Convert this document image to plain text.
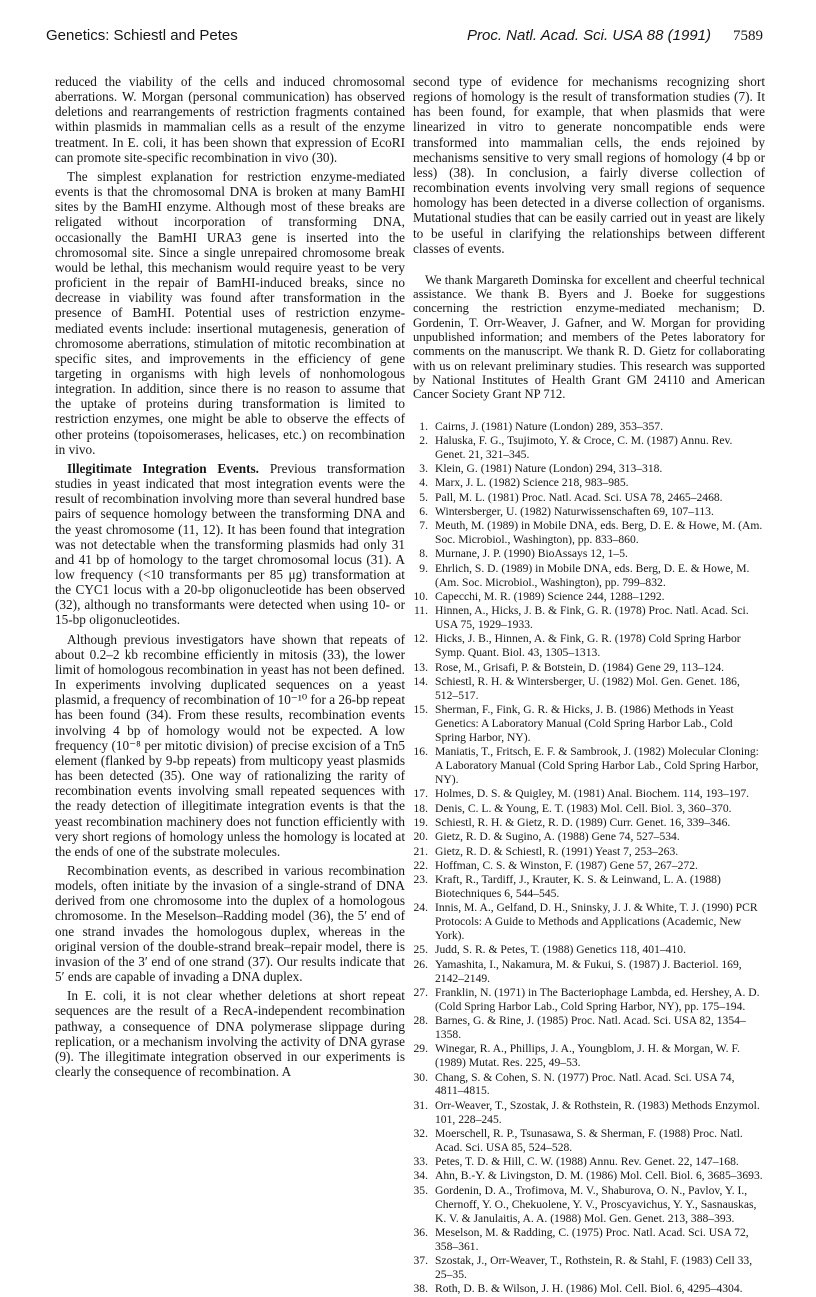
Genetics: Schiestl and Petes	Proc. Natl. Acad. Sci. USA 88 (1991) 7589

reduced the viability of the cells and induced chromosomal aberrations. W. Morgan (personal communication) has observed deletions and rearrangements of restriction fragments contained within plasmids in mammalian cells as a result of the enzyme treatment. In E. coli, it has been shown that expression of EcoRI can promote site-specific recombination in vivo (30).

The simplest explanation for restriction enzyme-mediated events is that the chromosomal DNA is broken at many BamHI sites by the BamHI enzyme. Although most of these breaks are religated without incorporation of transforming DNA, occasionally the BamHI URA3 gene is inserted into the chromosomal site. Since a single unrepaired chromosome break would be lethal, this mechanism would require yeast to be very proficient in the repair of BamHI-induced breaks, since no decrease in viability was found after transformation in the presence of BamHI. Potential uses of restriction enzyme-mediated events include: insertional mutagenesis, generation of chromosome aberrations, stimulation of mitotic recombination at specific sites, and improvements in the efficiency of gene targeting in organisms with high levels of nonhomologous integration. In addition, since there is no reason to assume that the uptake of proteins during transformation is limited to restriction enzymes, one might be able to observe the effects of other proteins (topoisomerases, helicases, etc.) on recombination in vivo.

Illegitimate Integration Events. Previous transformation studies in yeast indicated that most integration events were the result of recombination involving more than several hundred base pairs of sequence homology between the transforming DNA and the yeast chromosome (11, 12). It has been found that integration was not detectable when the transforming plasmids had only 31 and 41 bp of homology to the target chromosomal locus (31). A low frequency (<10 transformants per 85 μg) transformation at the CYC1 locus with a 20-bp oligonucleotide has been observed (32), although no transformants were detected when using 10- or 15-bp oligonucleotides.

Although previous investigators have shown that repeats of about 0.2–2 kb recombine efficiently in mitosis (33), the lower limit of homologous recombination in yeast has not been defined. In experiments involving duplicated sequences on a yeast plasmid, a frequency of recombination of 10⁻¹⁰ for a 26-bp repeat has been found (34). From these results, recombination events involving 4 bp of homology would not be expected. A low frequency (10⁻⁸ per mitotic division) of precise excision of a Tn5 element (flanked by 9-bp repeats) from multicopy yeast plasmids has been detected (35). One way of rationalizing the rarity of recombination events involving small repeated sequences with the ready detection of illegitimate integration events is that the yeast recombination machinery does not function efficiently with very short regions of homology unless the homology is located at the ends of one of the substrate molecules.

Recombination events, as described in various recombination models, often initiate by the invasion of a single-strand of DNA derived from one chromosome into the duplex of a homologous chromosome. In the Meselson–Radding model (36), the 5′ end of one strand invades the homologous duplex, whereas in the original version of the double-strand break–repair model, there is invasion of the 3′ end of one strand (37). Our results indicate that 5′ ends are capable of invading a DNA duplex.

In E. coli, it is not clear whether deletions at short repeat sequences are the result of a RecA-independent recombination pathway, a consequence of DNA polymerase slippage during replication, or a mechanism involving the activity of DNA gyrase (9). The illegitimate integration observed in our experiments is clearly the consequence of recombination. A

second type of evidence for mechanisms recognizing short regions of homology is the result of transformation studies (7). It has been found, for example, that when plasmids that were linearized in vitro to generate noncompatible ends were transformed into mammalian cells, the ends rejoined by mechanisms sensitive to very small regions of homology (4 bp or less) (38). In conclusion, a fairly diverse collection of recombination events involving very small regions of sequence homology has been detected in a diverse collection of organisms. Mutational studies that can be easily carried out in yeast are likely to be useful in clarifying the relationships between different classes of events.

We thank Margareth Dominska for excellent and cheerful technical assistance. We thank B. Byers and J. Boeke for suggestions concerning the restriction enzyme-mediated mechanism; D. Gordenin, T. Orr-Weaver, J. Gafner, and W. Morgan for providing unpublished information; and members of the Petes laboratory for comments on the manuscript. We thank R. D. Gietz for collaborating with us on relevant preliminary studies. This research was supported by National Institutes of Health Grant GM 24110 and American Cancer Society Grant NP 712.

1. Cairns, J. (1981) Nature (London) 289, 353–357.
2. Haluska, F. G., Tsujimoto, Y. & Croce, C. M. (1987) Annu. Rev. Genet. 21, 321–345.
3. Klein, G. (1981) Nature (London) 294, 313–318.
4. Marx, J. L. (1982) Science 218, 983–985.
5. Pall, M. L. (1981) Proc. Natl. Acad. Sci. USA 78, 2465–2468.
6. Wintersberger, U. (1982) Naturwissenschaften 69, 107–113.
7. Meuth, M. (1989) in Mobile DNA, eds. Berg, D. E. & Howe, M. (Am. Soc. Microbiol., Washington), pp. 833–860.
8. Murnane, J. P. (1990) BioAssays 12, 1–5.
9. Ehrlich, S. D. (1989) in Mobile DNA, eds. Berg, D. E. & Howe, M. (Am. Soc. Microbiol., Washington), pp. 799–832.
10. Capecchi, M. R. (1989) Science 244, 1288–1292.
11. Hinnen, A., Hicks, J. B. & Fink, G. R. (1978) Proc. Natl. Acad. Sci. USA 75, 1929–1933.
12. Hicks, J. B., Hinnen, A. & Fink, G. R. (1978) Cold Spring Harbor Symp. Quant. Biol. 43, 1305–1313.
13. Rose, M., Grisafi, P. & Botstein, D. (1984) Gene 29, 113–124.
14. Schiestl, R. H. & Wintersberger, U. (1982) Mol. Gen. Genet. 186, 512–517.
15. Sherman, F., Fink, G. R. & Hicks, J. B. (1986) Methods in Yeast Genetics: A Laboratory Manual (Cold Spring Harbor Lab., Cold Spring Harbor, NY).
16. Maniatis, T., Fritsch, E. F. & Sambrook, J. (1982) Molecular Cloning: A Laboratory Manual (Cold Spring Harbor Lab., Cold Spring Harbor, NY).
17. Holmes, D. S. & Quigley, M. (1981) Anal. Biochem. 114, 193–197.
18. Denis, C. L. & Young, E. T. (1983) Mol. Cell. Biol. 3, 360–370.
19. Schiestl, R. H. & Gietz, R. D. (1989) Curr. Genet. 16, 339–346.
20. Gietz, R. D. & Sugino, A. (1988) Gene 74, 527–534.
21. Gietz, R. D. & Schiestl, R. (1991) Yeast 7, 253–263.
22. Hoffman, C. S. & Winston, F. (1987) Gene 57, 267–272.
23. Kraft, R., Tardiff, J., Krauter, K. S. & Leinwand, L. A. (1988) Biotechniques 6, 544–545.
24. Innis, M. A., Gelfand, D. H., Sninsky, J. J. & White, T. J. (1990) PCR Protocols: A Guide to Methods and Applications (Academic, New York).
25. Judd, S. R. & Petes, T. (1988) Genetics 118, 401–410.
26. Yamashita, I., Nakamura, M. & Fukui, S. (1987) J. Bacteriol. 169, 2142–2149.
27. Franklin, N. (1971) in The Bacteriophage Lambda, ed. Hershey, A. D. (Cold Spring Harbor Lab., Cold Spring Harbor, NY), pp. 175–194.
28. Barnes, G. & Rine, J. (1985) Proc. Natl. Acad. Sci. USA 82, 1354–1358.
29. Winegar, R. A., Phillips, J. A., Youngblom, J. H. & Morgan, W. F. (1989) Mutat. Res. 225, 49–53.
30. Chang, S. & Cohen, S. N. (1977) Proc. Natl. Acad. Sci. USA 74, 4811–4815.
31. Orr-Weaver, T., Szostak, J. & Rothstein, R. (1983) Methods Enzymol. 101, 228–245.
32. Moerschell, R. P., Tsunasawa, S. & Sherman, F. (1988) Proc. Natl. Acad. Sci. USA 85, 524–528.
33. Petes, T. D. & Hill, C. W. (1988) Annu. Rev. Genet. 22, 147–168.
34. Ahn, B.-Y. & Livingston, D. M. (1986) Mol. Cell. Biol. 6, 3685–3693.
35. Gordenin, D. A., Trofimova, M. V., Shaburova, O. N., Pavlov, Y. I., Chernoff, Y. O., Chekuolene, Y. V., Proscyavichus, Y. Y., Sasnauskas, K. V. & Janulaitis, A. A. (1988) Mol. Gen. Genet. 213, 388–393.
36. Meselson, M. & Radding, C. (1975) Proc. Natl. Acad. Sci. USA 72, 358–361.
37. Szostak, J., Orr-Weaver, T., Rothstein, R. & Stahl, F. (1983) Cell 33, 25–35.
38. Roth, D. B. & Wilson, J. H. (1986) Mol. Cell. Biol. 6, 4295–4304.
